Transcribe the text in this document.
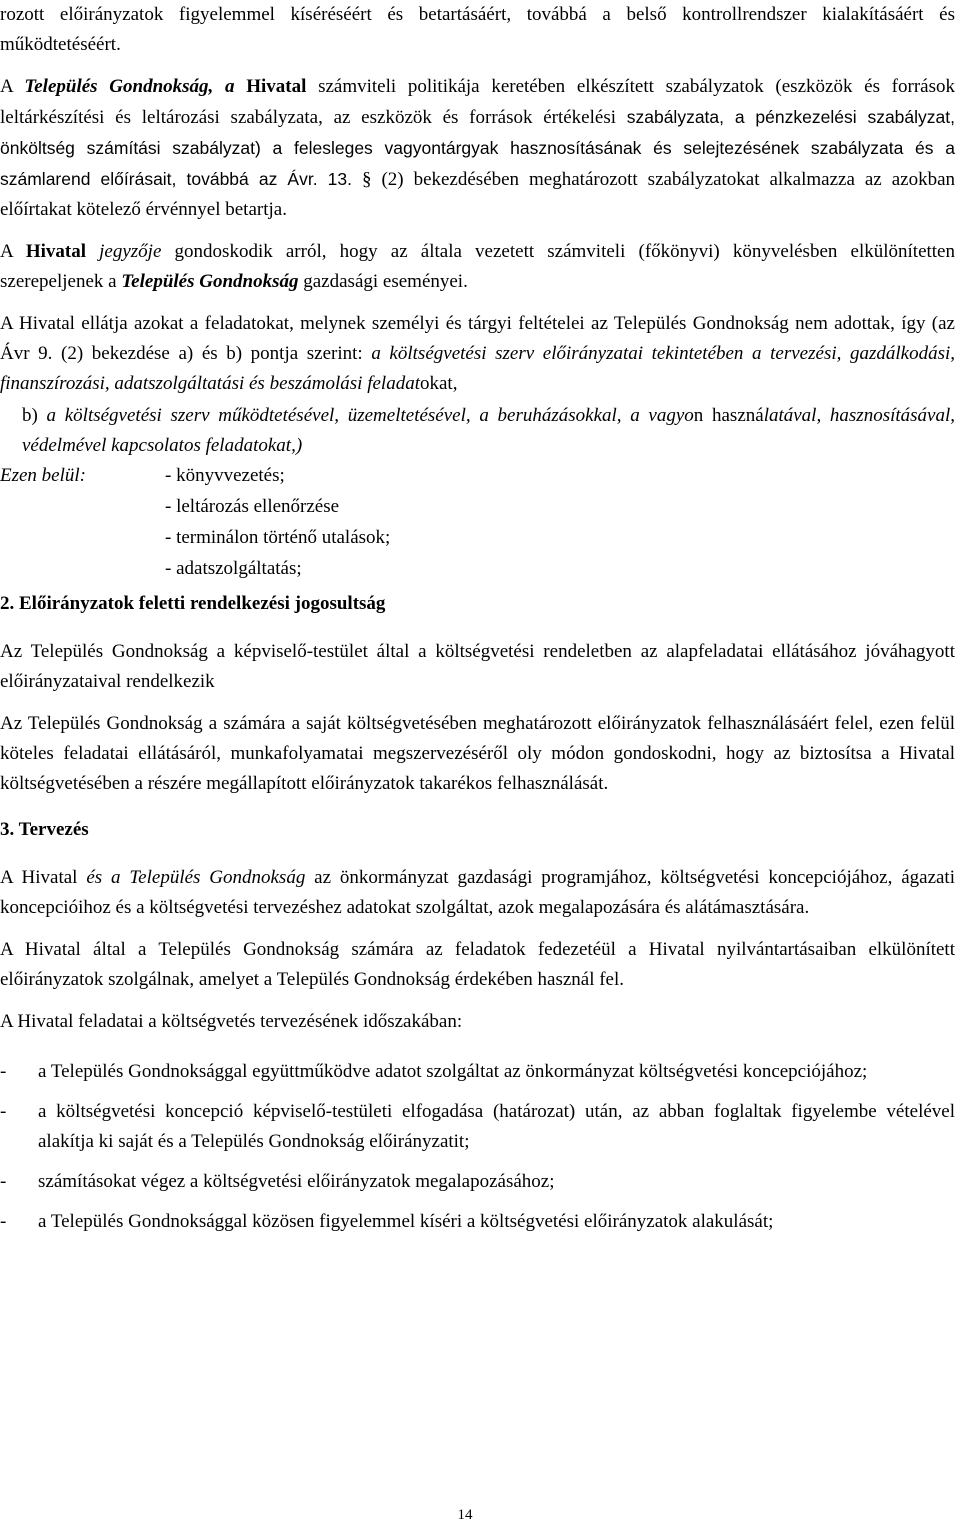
rozott előirányzatok figyelemmel kíséréséért és betartásáért, továbbá a belső kontrollrendszer kialakításáért és működtetéséért.

A Település Gondnokság, a Hivatal számviteli politikája keretében elkészített szabályzatok (eszközök és források leltárkészítési és leltározási szabályzata, az eszközök és források értékelési szabályzata, a pénzkezelési szabályzat, önköltség számítási szabályzat) a felesleges vagyontárgyak hasznosításának és selejtezésének szabályzata és a számlarend előírásait, továbbá az Ávr. 13. § (2) bekezdésében meghatározott szabályzatokat alkalmazza az azokban előírtakat kötelező érvénnyel betartja.

A Hivatal jegyzője gondoskodik arról, hogy az általa vezetett számviteli (főkönyvi) könyvelésben elkülönítetten szerepeljenek a Település Gondnokság gazdasági eseményei.

A Hivatal ellátja azokat a feladatokat, melynek személyi és tárgyi feltételei az Település Gondnokság nem adottak, így (az Ávr 9. (2) bekezdése a) és b) pontja szerint: a költségvetési szerv előirányzatai tekintetében a tervezési, gazdálkodási, finanszírozási, adatszolgáltatási és beszámolási feladatokat,

b) a költségvetési szerv működtetésével, üzemeltetésével, a beruházásokkal, a vagyon használatával, hasznosításával, védelmével kapcsolatos feladatokat,)

Ezen belül:	- könyvvezetés;
- leltározás ellenőrzése
- terminálon történő utalások;
- adatszolgáltatás;
2. Előirányzatok feletti rendelkezési jogosultság

Az Település Gondnokság a képviselő-testület által a költségvetési rendeletben az alapfeladatai ellátásához jóváhagyott előirányzataival rendelkezik

Az Település Gondnokság a számára a saját költségvetésében meghatározott előirányzatok felhasználásáért felel, ezen felül köteles feladatai ellátásáról, munkafolyamatai megszervezéséről oly módon gondoskodni, hogy az biztosítsa a Hivatal költségvetésében a részére megállapított előirányzatok takarékos felhasználását.

3. Tervezés

A Hivatal és a Település Gondnokság az önkormányzat gazdasági programjához, költségvetési koncepciójához, ágazati koncepcióihoz és a költségvetési tervezéshez adatokat szolgáltat, azok megalapozására és alátámasztására.

A Hivatal által a Település Gondnokság számára az feladatok fedezetéül a Hivatal nyilvántartásaiban elkülönített előirányzatok szolgálnak, amelyet a Település Gondnokság érdekében használ fel.

A Hivatal feladatai a költségvetés tervezésének időszakában:

-	a Település Gondnoksággal együttműködve adatot szolgáltat az önkormányzat költségvetési koncepciójához;
-	a költségvetési koncepció képviselő-testületi elfogadása (határozat) után, az abban foglaltak figyelembe vételével alakítja ki saját és a Település Gondnokság előirányzatit;
-	számításokat végez a költségvetési előirányzatok megalapozásához;
-	a Település Gondnoksággal közösen figyelemmel kíséri a költségvetési előirányzatok alakulását;
14
